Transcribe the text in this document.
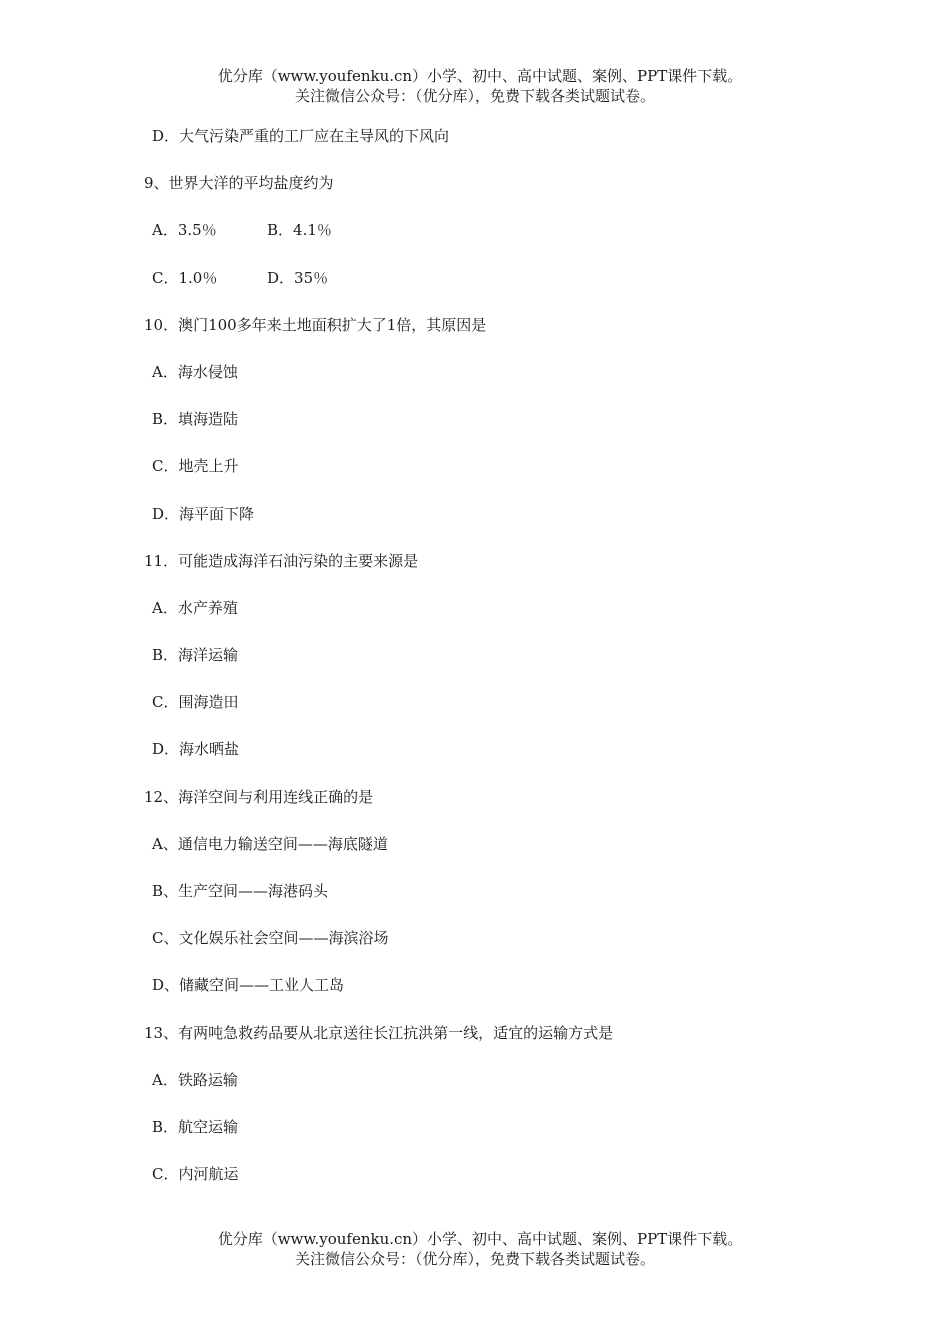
优分库（www.youfenku.cn）小学、初中、高中试题、案例、PPT课件下载。
关注微信公众号：（优分库），免费下载各类试题试卷。
D．大气污染严重的工厂应在主导风的下风向
9、世界大洋的平均盐度约为
A．3.5％	B．4.1％
C．1.0％	D．35％
10．澳门100多年来土地面积扩大了1倍，其原因是
A．海水侵蚀
B．填海造陆
C．地壳上升
D．海平面下降
11．可能造成海洋石油污染的主要来源是
A．水产养殖
B．海洋运输
C．围海造田
D．海水晒盐
12、海洋空间与利用连线正确的是
A、通信电力输送空间——海底隧道
B、生产空间——海港码头
C、文化娱乐社会空间——海滨浴场
D、储藏空间——工业人工岛
13、有两吨急救药品要从北京送往长江抗洪第一线，适宜的运输方式是
A．铁路运输
B．航空运输
C．内河航运
优分库（www.youfenku.cn）小学、初中、高中试题、案例、PPT课件下载。
关注微信公众号：（优分库），免费下载各类试题试卷。
